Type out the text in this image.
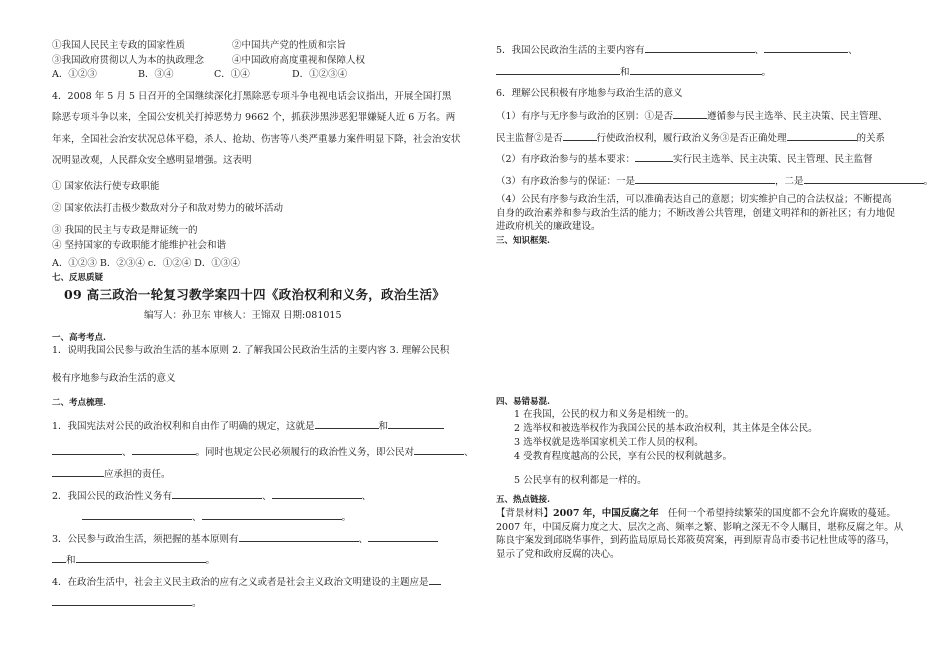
①我国人民民主专政的国家性质	②中国共产党的性质和宗旨
③我国政府贯彻以人为本的执政理念	④中国政府高度重视和保障人权
A．①②③	B．③④	C．①④	D．①②③④
4．2008 年 5 月 5 日召开的全国继续深化打黑除恶专项斗争电视电话会议指出，开展全国打黑
除恶专项斗争以来，全国公安机关打掉恶势力 9662 个，抓获涉黑涉恶犯罪嫌疑人近 6 万名。两
年来，全国社会治安状况总体平稳，杀人、抢劫、伤害等八类严重暴力案件明显下降，社会治安状
况明显改观，人民群众安全感明显增强。这表明
① 国家依法行使专政职能
② 国家依法打击极少数敌对分子和敌对势力的破坏活动
③ 我国的民主与专政是辩证统一的
④ 坚持国家的专政职能才能维护社会和谐
A．①②③ B．②③④ c．①②④ D．①③④
七、反思质疑
09 高三政治一轮复习教学案四十四《政治权利和义务，政治生活》
编写人：孙卫东 审核人：王锦双 日期:081015
一、高考考点.
1．说明我国公民参与政治生活的基本原则 2. 了解我国公民政治生活的主要内容 3. 理解公民积
极有序地参与政治生活的意义
二、考点梳理.
1．我国宪法对公民的政治权利和自由作了明确的规定，这就是	和
、	。同时也规定公民必须履行的政治性义务，即公民对	、
应承担的责任。
2．我国公民的政治性义务有	、	、
、	。
3．公民参与政治生活，须把握的基本原则有	、
和	。
4．在政治生活中，社会主义民主政治的应有之义或者是社会主义政治文明建设的主题应是
。
5．我国公民政治生活的主要内容有	、	、
和	。
6．理解公民积极有序地参与政治生活的意义
（1）有序与无序参与政治的区别：①是否	遵循参与民主选举、民主决策、民主管理、
民主监督②是否	行使政治权利，履行政治义务③是否正确处理	的关系
（2）有序政治参与的基本要求：	实行民主选举、民主决策、民主管理、民主监督
（3）有序政治参与的保证：一是	，二是	。
（4）公民有序参与政治生活，可以准确表达自己的意愿；切实维护自己的合法权益；不断提高自身的政治素养和参与政治生活的能力；不断改善公共管理，创建文明祥和的新社区；有力地促进政府机关的廉政建设。
三、知识框架.
四、易错易混.
1 在我国，公民的权力和义务是相统一的。
2 选举权和被选举权作为我国公民的基本政治权利，其主体是全体公民。
3 选举权就是选举国家机关工作人员的权利。
4 受教育程度越高的公民，享有公民的权利就越多。
5 公民享有的权利都是一样的。
五、热点链接.
【背景材料】2007 年，中国反腐之年 任何一个希望持续繁荣的国度都不会允许腐败的蔓延。2007 年，中国反腐力度之大、层次之高、频率之繁、影响之深无不令人瞩目，堪称反腐之年。从陈良宇案发到邱晓华事件，到药监局原局长郑筱萸窝案，再到原青岛市委书记杜世成等的落马，显示了党和政府反腐的决心。
